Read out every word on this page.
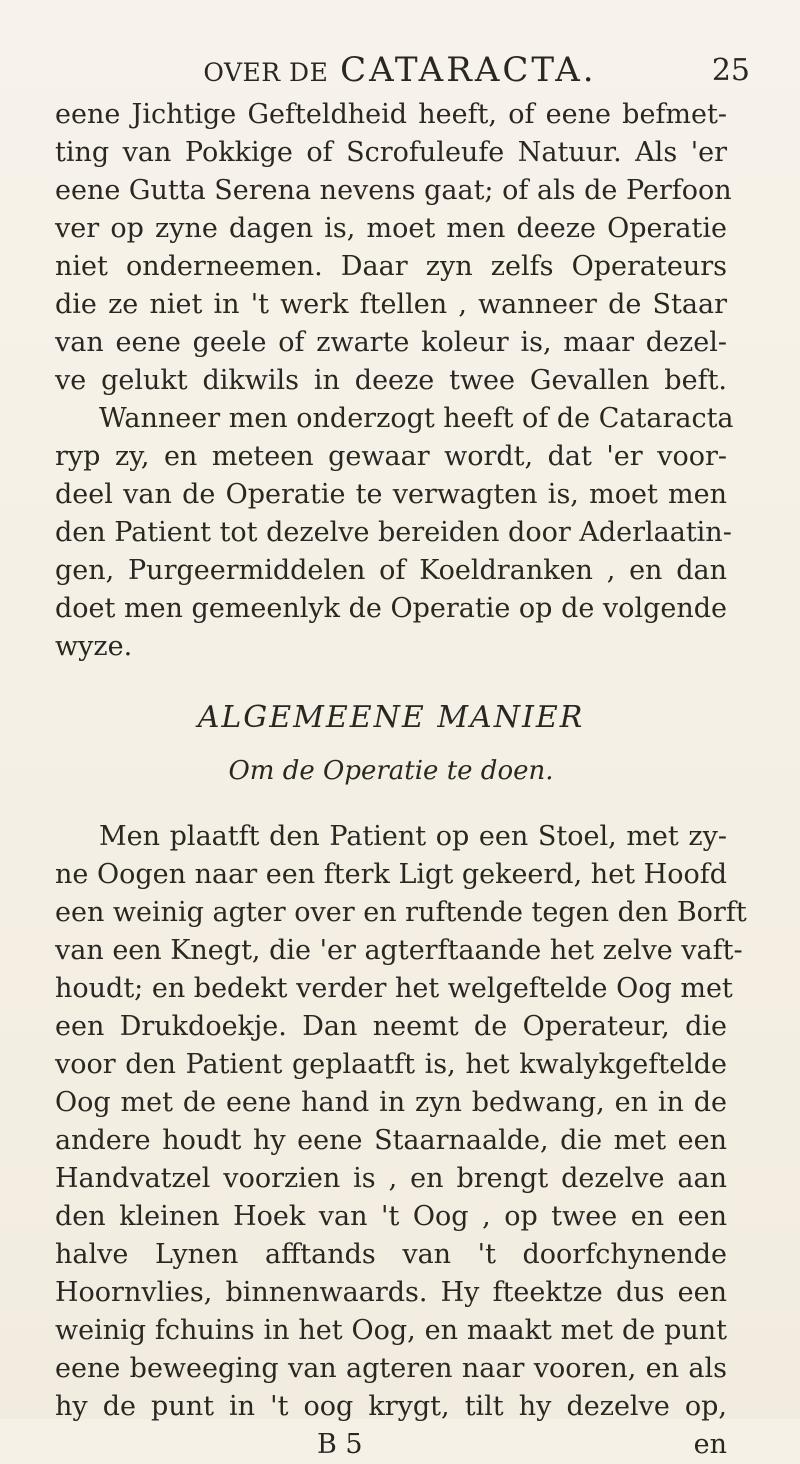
OVER DE CATARACTA.	25
eene Jichtige Gefteldheid heeft, of eene befmet-
ting van Pokkige of Scrofuleufe Natuur. Als 'er
eene Gutta Serena nevens gaat; of als de Perfoon
ver op zyne dagen is, moet men deeze Operatie
niet onderneemen. Daar zyn zelfs Operateurs
die ze niet in 't werk ftellen , wanneer de Staar
van eene geele of zwarte koleur is, maar dezel-
ve gelukt dikwils in deeze twee Gevallen beft.
Wanneer men onderzogt heeft of de Cataracta
ryp zy, en meteen gewaar wordt, dat 'er voor-
deel van de Operatie te verwagten is, moet men
den Patient tot dezelve bereiden door Aderlaatin-
gen, Purgeermiddelen of Koeldranken , en dan
doet men gemeenlyk de Operatie op de volgende
wyze.
ALGEMEENE MANIER
Om de Operatie te doen.
Men plaatft den Patient op een Stoel, met zy-
ne Oogen naar een fterk Ligt gekeerd, het Hoofd
een weinig agter over en ruftende tegen den Borft
van een Knegt, die 'er agterftaande het zelve vaft-
houdt; en bedekt verder het welgeftelde Oog met
een Drukdoekje. Dan neemt de Operateur, die
voor den Patient geplaatft is, het kwalykgeftelde
Oog met de eene hand in zyn bedwang, en in de
andere houdt hy eene Staarnaalde, die met een
Handvatzel voorzien is , en brengt dezelve aan
den kleinen Hoek van 't Oog , op twee en een
halve Lynen afftands van 't doorfchynende
Hoornvlies, binnenwaards. Hy fteektze dus een
weinig fchuins in het Oog, en maakt met de punt
eene beweeging van agteren naar vooren, en als
hy de punt in 't oog krygt, tilt hy dezelve op,
B 5	en
